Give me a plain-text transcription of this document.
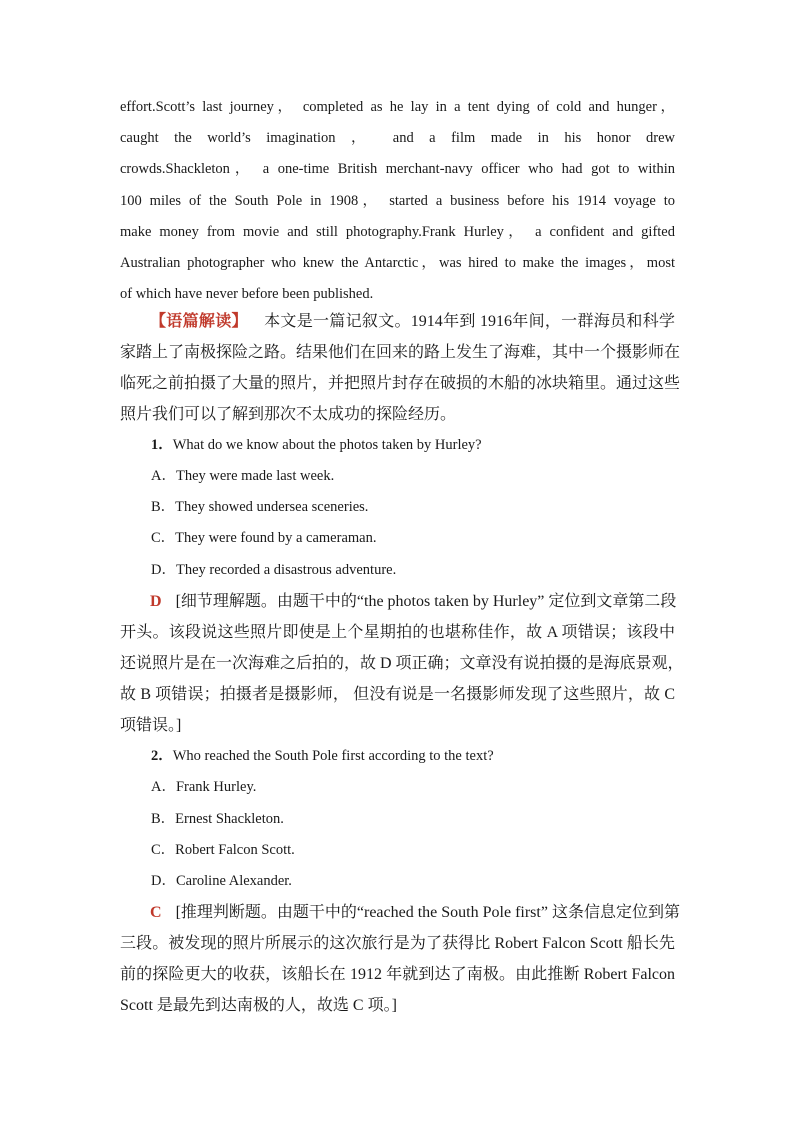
effort.Scott’s last journey， completed as he lay in a tent dying of cold and hunger，
caught the world’s imagination ， and a film made in his honor drew
crowds.Shackleton， a one-time British merchant-navy officer who had got to within
100 miles of the South Pole in 1908， started a business before his 1914 voyage to
make money from movie and still photography.Frank Hurley， a confident and gifted
Australian photographer who knew the Antarctic，was hired to make the images，most
of which have never before been published.
【语篇解读】  本文是一篇记叙文。1914年到 1916年间，一群海员和科学
家踏上了南极探险之路。结果他们在回来的路上发生了海难，其中一个摄影师在
临死之前拍摄了大量的照片，并把照片封存在破损的木船的冰块箱里。通过这些
照片我们可以了解到那次不太成功的探险经历。
1．What do we know about the photos taken by Hurley?
A．They were made last week.
B．They showed undersea sceneries.
C．They were found by a cameraman.
D．They recorded a disastrous adventure.
D [细节理解题。由题干中的“the photos taken by Hurley” 定位到文章第二段
开头。该段说这些照片即使是上个星期拍的也堪称佳作，故 A 项错误；该段中
还说照片是在一次海难之后拍的，故 D 项正确；文章没有说拍摄的是海底景观，
故 B 项错误；拍摄者是摄影师， 但没有说是一名摄影师发现了这些照片，故 C
项错误。]
2．Who reached the South Pole first according to the text?
A．Frank Hurley.
B．Ernest Shackleton.
C．Robert Falcon Scott.
D．Caroline Alexander.
C [推理判断题。由题干中的“reached the South Pole first” 这条信息定位到第
三段。被发现的照片所展示的这次旅行是为了获得比 Robert Falcon Scott 船长先
前的探险更大的收获，该船长在 1912 年就到达了南极。由此推断 Robert Falcon
Scott 是最先到达南极的人，故选 C 项。]
